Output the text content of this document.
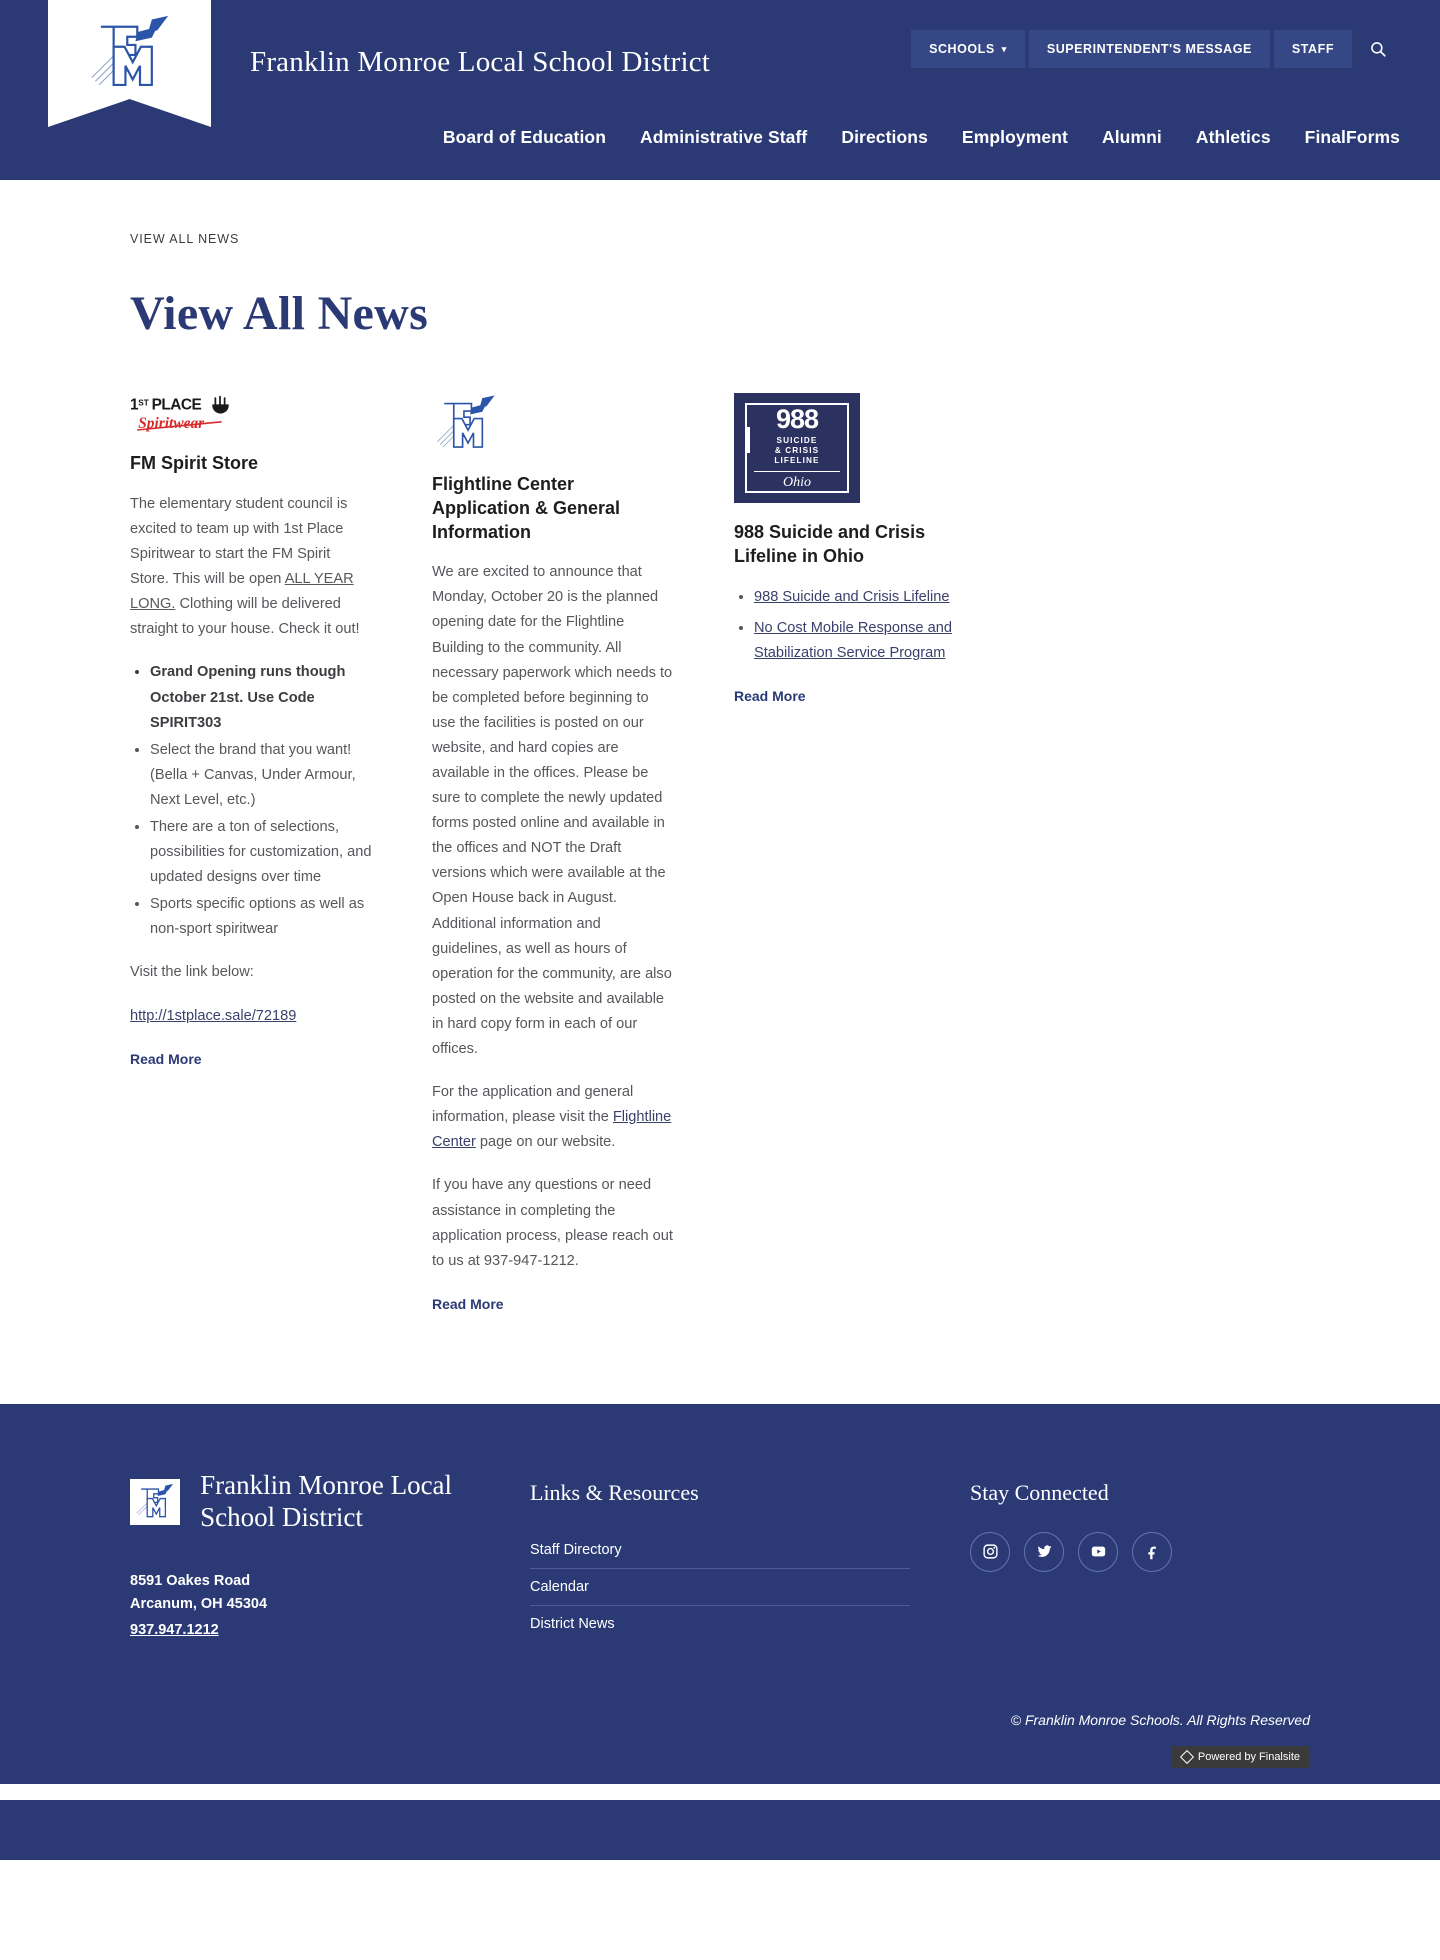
Franklin Monroe Local School District	SCHOOLS ▾	SUPERINTENDENT'S MESSAGE	STAFF
Board of Education Administrative Staff Directions Employment Alumni Athletics FinalForms
VIEW ALL NEWS
View All News
1 ST PLACE
Spiritwear
FM Spirit Store

The elementary student council is excited to team up with 1st Place Spiritwear to start the FM Spirit Store. This will be open ALL YEAR LONG. Clothing will be delivered straight to your house. Check it out!

• Grand Opening runs though October 21st. Use Code SPIRIT303
• Select the brand that you want! (Bella + Canvas, Under Armour, Next Level, etc.)
• There are a ton of selections, possibilities for customization, and updated designs over time
• Sports specific options as well as non-sport spiritwear

Visit the link below:

http://1stplace.sale/72189

Read More
Flightline Center Application & General Information

We are excited to announce that Monday, October 20 is the planned opening date for the Flightline Building to the community. All necessary paperwork which needs to be completed before beginning to use the facilities is posted on our website, and hard copies are available in the offices. Please be sure to complete the newly updated forms posted online and available in the offices and NOT the Draft versions which were available at the Open House back in August. Additional information and guidelines, as well as hours of operation for the community, are also posted on the website and available in hard copy form in each of our offices.

For the application and general information, please visit the Flightline Center page on our website.

If you have any questions or need assistance in completing the application process, please reach out to us at 937-947-1212.

Read More
988
SUICIDE
& CRISIS
LIFELINE
Ohio
988 Suicide and Crisis Lifeline in Ohio
• 988 Suicide and Crisis Lifeline
• No Cost Mobile Response and Stabilization Service Program
Read More
Franklin Monroe Local School District
8591 Oakes Road
Arcanum, OH 45304
937.947.1212
Links & Resources
Staff Directory
Calendar
District News
Stay Connected
© Franklin Monroe Schools. All Rights Reserved
Powered by Finalsite
